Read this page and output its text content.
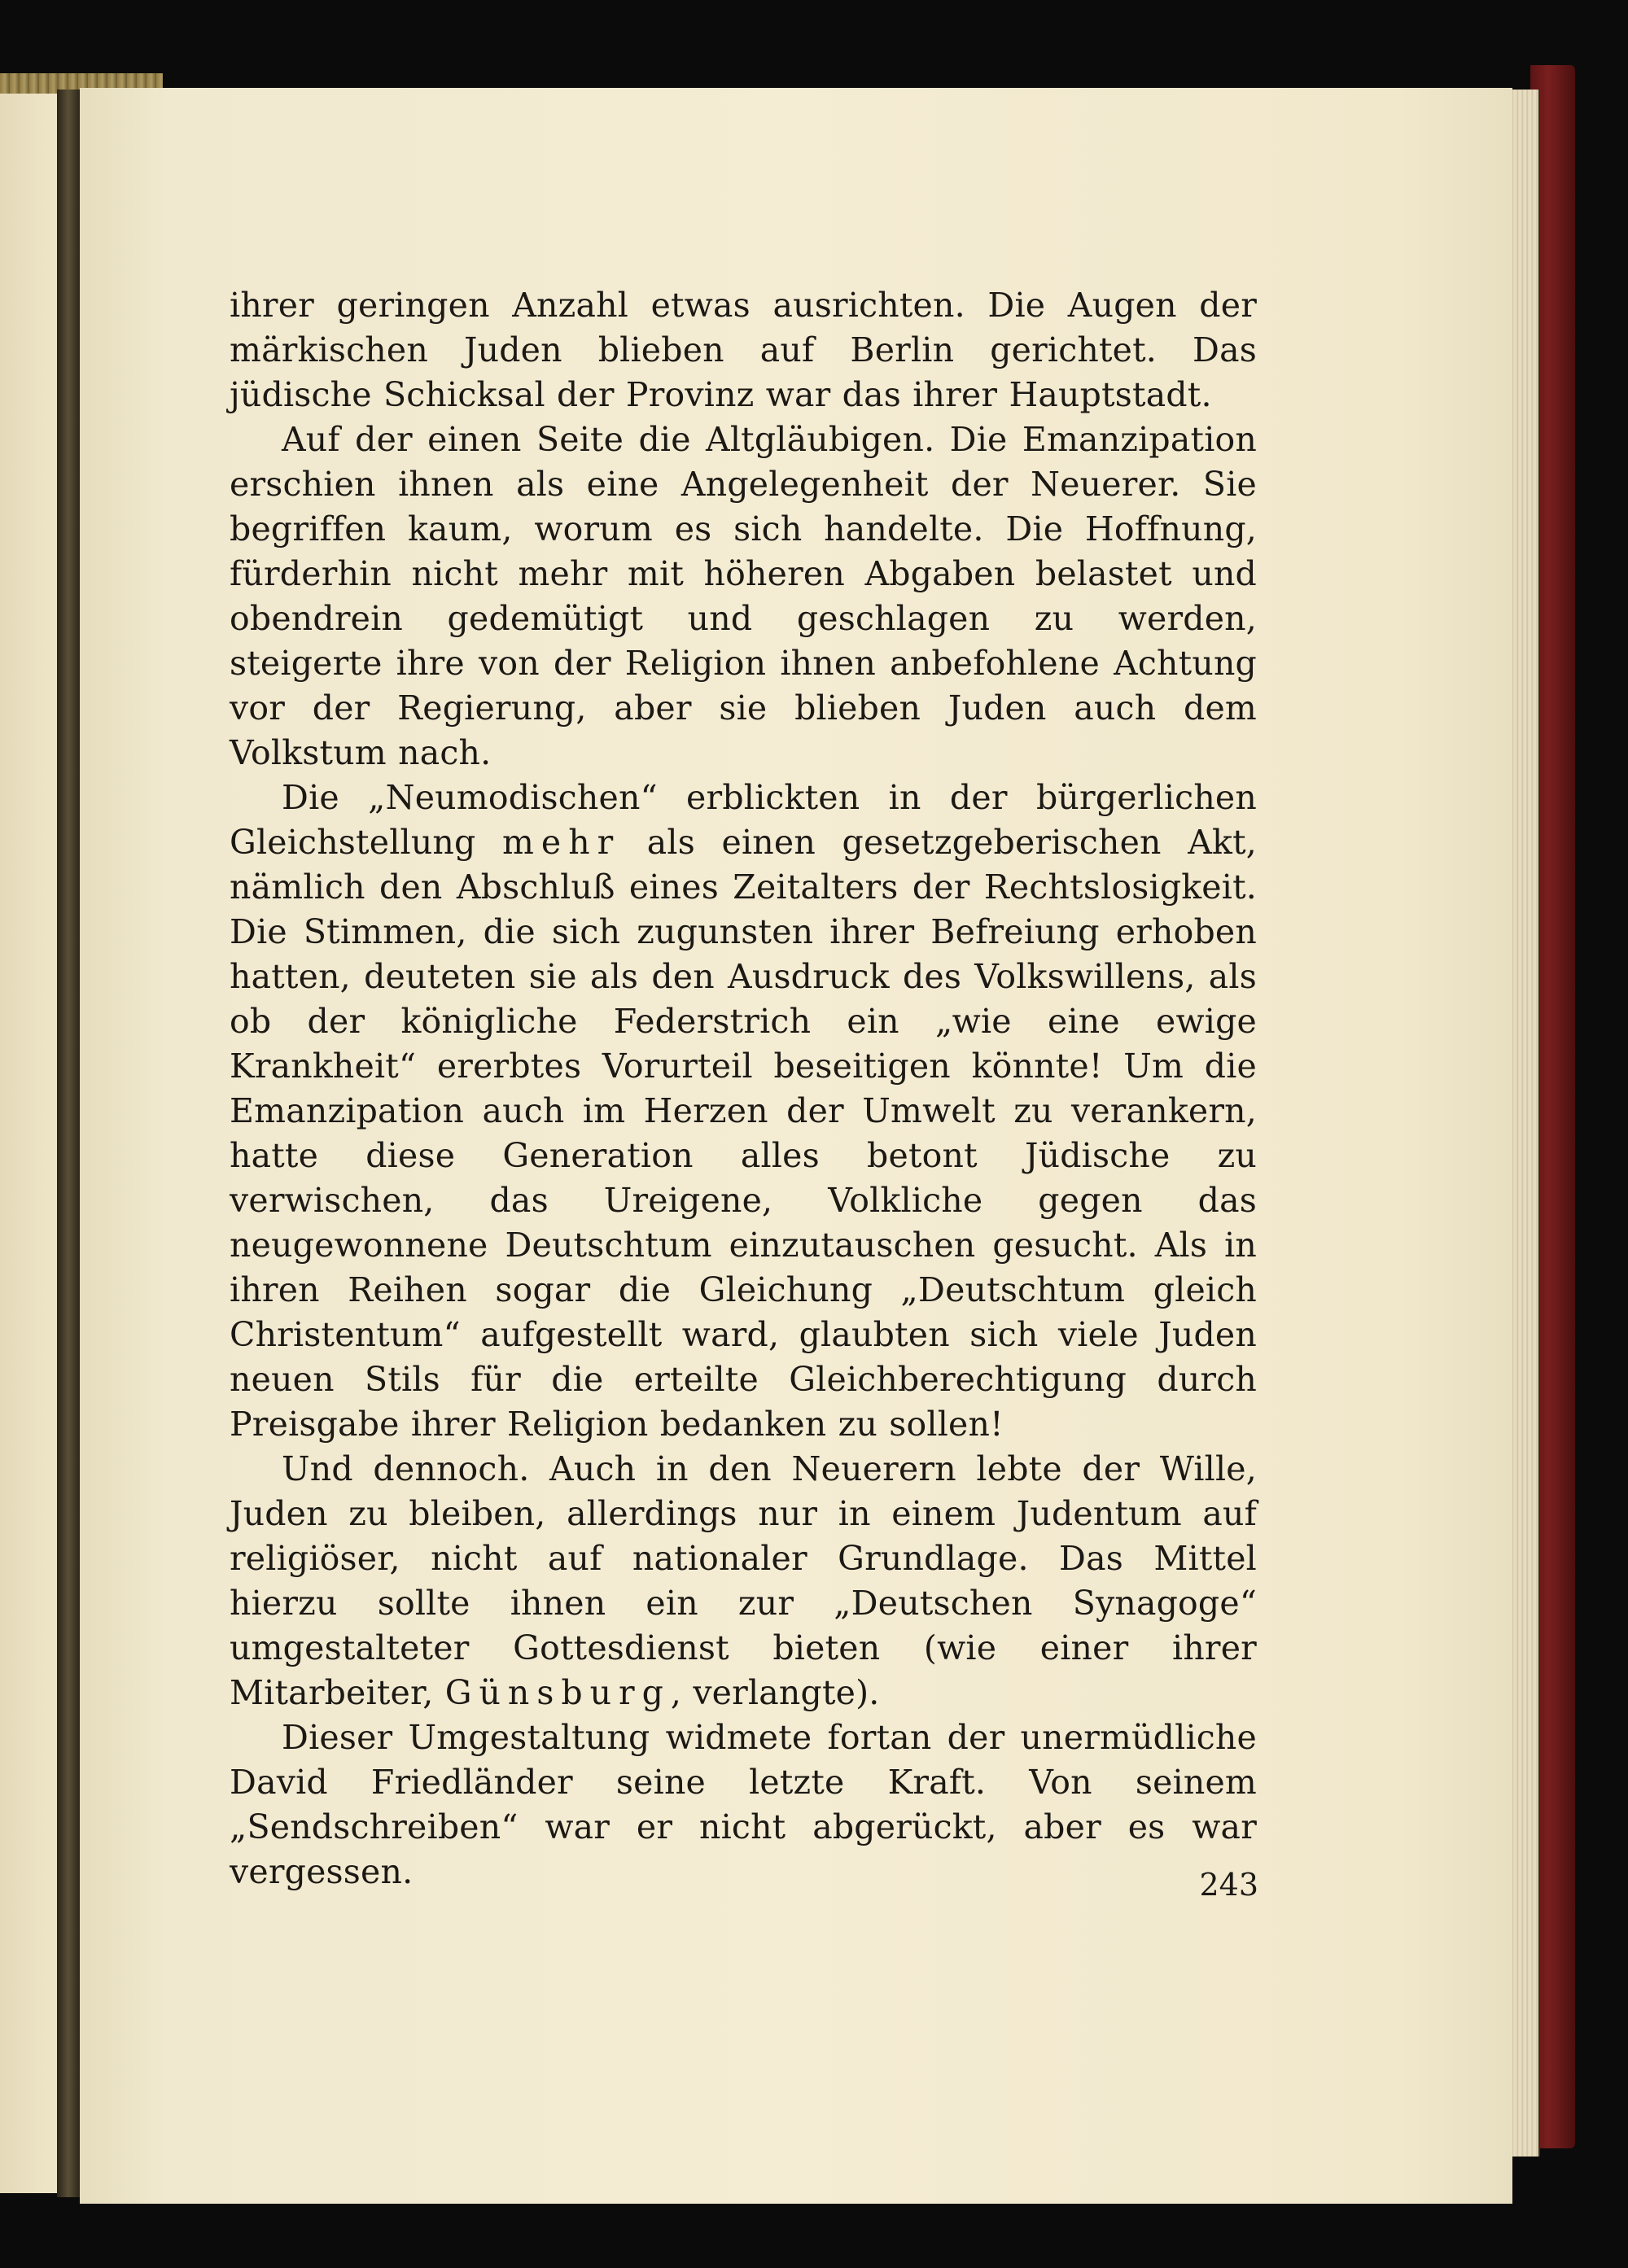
ihrer geringen Anzahl etwas ausrichten. Die Augen der märkischen Juden blieben auf Berlin gerichtet. Das jüdische Schicksal der Provinz war das ihrer Hauptstadt.

Auf der einen Seite die Altgläubigen. Die Emanzipation erschien ihnen als eine Angelegenheit der Neuerer. Sie begriffen kaum, worum es sich handelte. Die Hoffnung, fürderhin nicht mehr mit höheren Abgaben belastet und obendrein gedemütigt und geschlagen zu werden, steigerte ihre von der Religion ihnen anbefohlene Achtung vor der Regierung, aber sie blieben Juden auch dem Volkstum nach.

Die „Neumodischen“ erblickten in der bürgerlichen Gleichstellung mehr als einen gesetzgeberischen Akt, nämlich den Abschluß eines Zeitalters der Rechtslosigkeit. Die Stimmen, die sich zugunsten ihrer Befreiung erhoben hatten, deuteten sie als den Ausdruck des Volkswillens, als ob der königliche Federstrich ein „wie eine ewige Krankheit“ ererbtes Vorurteil beseitigen könnte! Um die Emanzipation auch im Herzen der Umwelt zu verankern, hatte diese Generation alles betont Jüdische zu verwischen, das Ureigene, Volkliche gegen das neugewonnene Deutschtum einzutauschen gesucht. Als in ihren Reihen sogar die Gleichung „Deutschtum gleich Christentum“ aufgestellt ward, glaubten sich viele Juden neuen Stils für die erteilte Gleichberechtigung durch Preisgabe ihrer Religion bedanken zu sollen!

Und dennoch. Auch in den Neuerern lebte der Wille, Juden zu bleiben, allerdings nur in einem Judentum auf religiöser, nicht auf nationaler Grundlage. Das Mittel hierzu sollte ihnen ein zur „Deutschen Synagoge“ umgestalteter Gottesdienst bieten (wie einer ihrer Mitarbeiter, Günsburg, verlangte).

Dieser Umgestaltung widmete fortan der unermüdliche David Friedländer seine letzte Kraft. Von seinem „Sendschreiben“ war er nicht abgerückt, aber es war vergessen.	243
